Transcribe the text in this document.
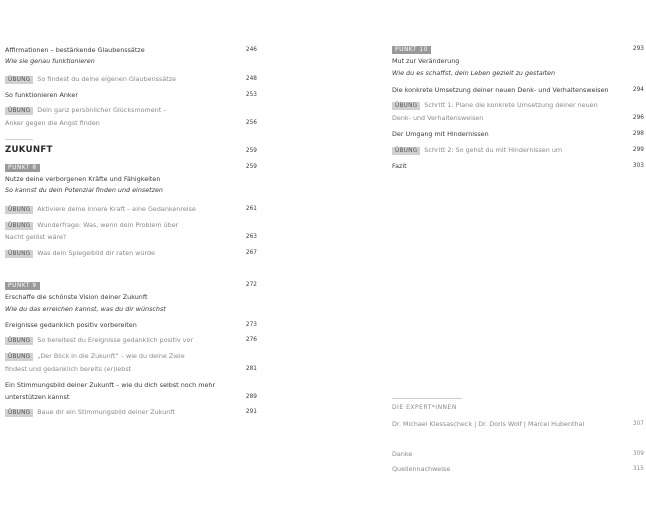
Affirmationen – bestärkende Glaubenssätze	246
Wie sie genau funktionieren
ÜBUNG So findest du deine eigenen Glaubenssätze	248
So funktionieren Anker	253
ÜBUNG Dein ganz persönlicher Glücksmoment –
Anker gegen die Angst finden	256
ZUKUNFT	259
PUNKT 8	259
Nutze deine verborgenen Kräfte und Fähigkeiten
So kannst du dein Potenzial finden und einsetzen
ÜBUNG Aktiviere deine innere Kraft – eine Gedankenreise	261
ÜBUNG Wunderfrage: Was, wenn dein Problem über
Nacht gelöst wäre?	263
ÜBUNG Was dein Spiegelbild dir raten würde	267
PUNKT 9	272
Erschaffe die schönste Vision deiner Zukunft
Wie du das erreichen kannst, was du dir wünschst
Ereignisse gedanklich positiv vorbereiten	273
ÜBUNG So bereitest du Ereignisse gedanklich positiv vor	276
ÜBUNG „Der Blick in die Zukunft“ – wie du deine Ziele
findest und gedanklich bereits (er)lebst	281
Ein Stimmungsbild deiner Zukunft – wie du dich selbst noch mehr
unterstützen kannst	289
ÜBUNG Baue dir ein Stimmungsbild deiner Zukunft	291
PUNKT 10	293
Mut zur Veränderung
Wie du es schaffst, dein Leben gezielt zu gestalten
Die konkrete Umsetzung deiner neuen Denk- und Verhaltensweisen	294
ÜBUNG Schritt 1: Plane die konkrete Umsetzung deiner neuen
Denk- und Verhaltensweisen	296
Der Umgang mit Hindernissen	298
ÜBUNG Schritt 2: So gehst du mit Hindernissen um	299
Fazit	303
DIE EXPERT*INNEN
Dr. Michael Klessascheck | Dr. Doris Wolf | Marcel Hubenthal	307
Danke	309
Quellennachweise	315
